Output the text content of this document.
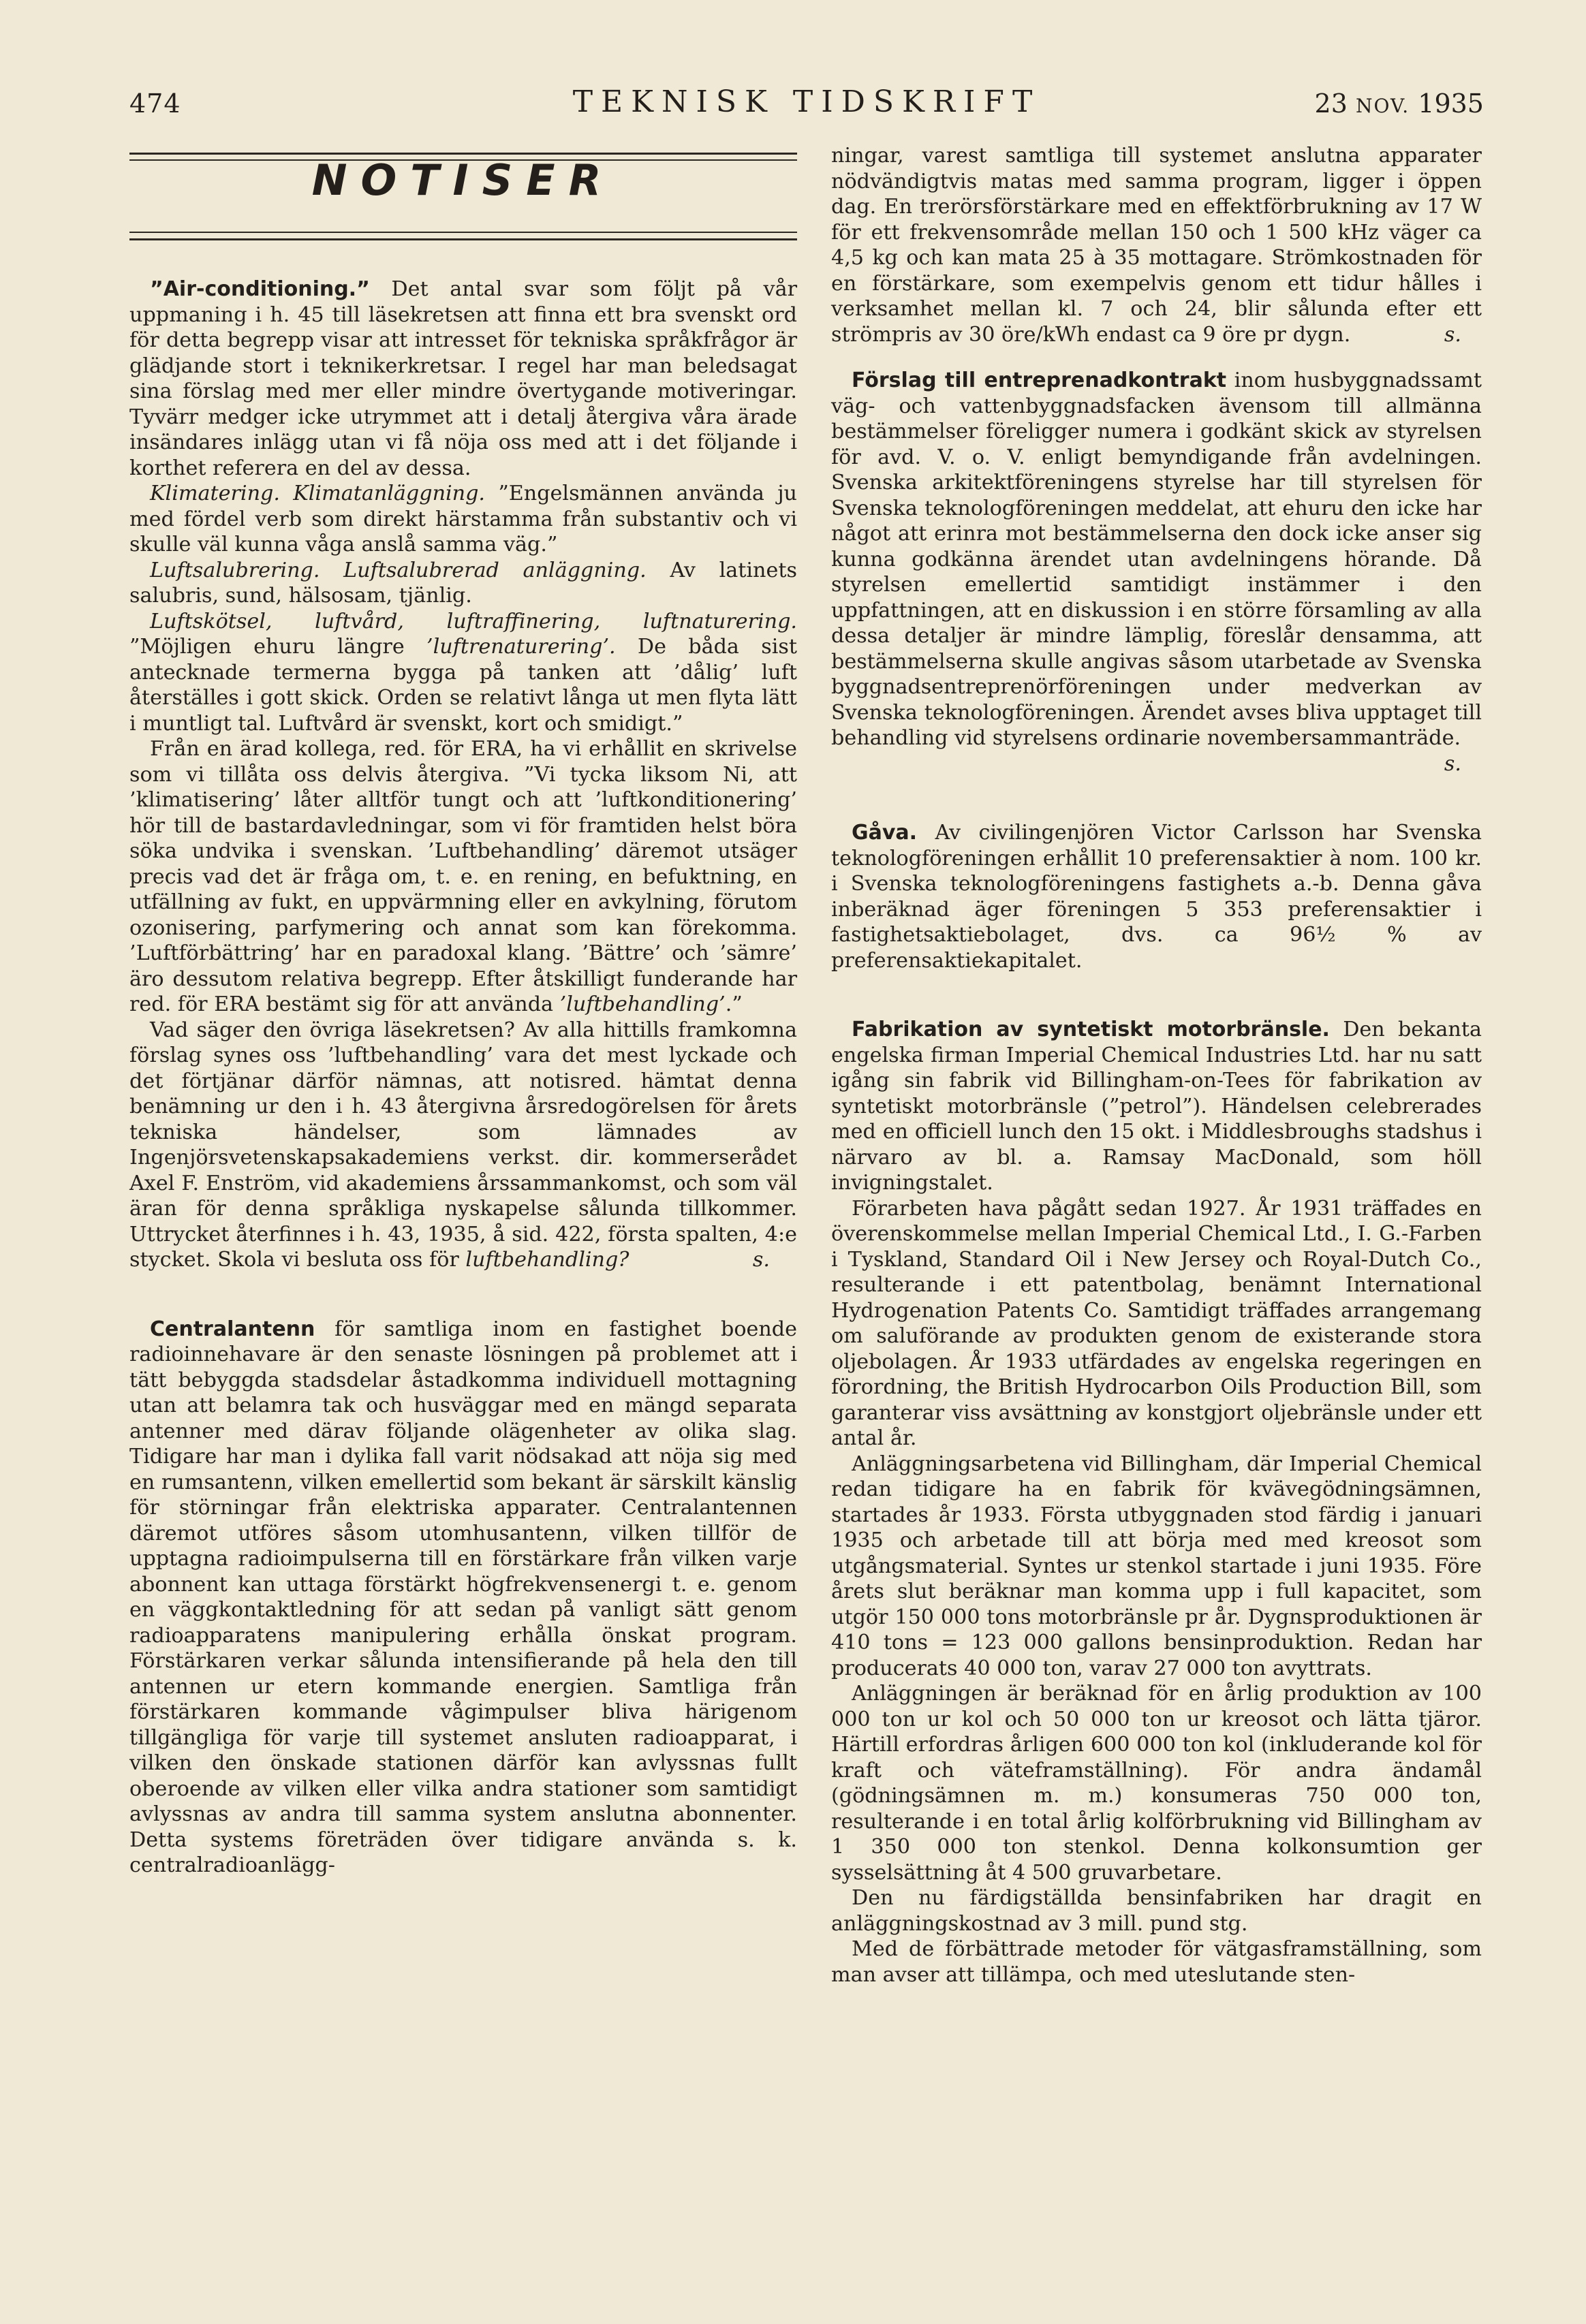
474	TEKNISK TIDSKRIFT	23 NOV. 1935
NOTISER

”Air-conditioning.” Det antal svar som följt på vår uppmaning i h. 45 till läsekretsen att finna ett bra svenskt ord för detta begrepp visar att intresset för tekniska språkfrågor är glädjande stort i teknikerkretsar. I regel har man beledsagat sina förslag med mer eller mindre övertygande motiveringar. Tyvärr medger icke utrymmet att i detalj återgiva våra ärade insändares inlägg utan vi få nöja oss med att i det följande i korthet referera en del av dessa.

Klimatering. Klimatanläggning. ”Engelsmännen använda ju med fördel verb som direkt härstamma från substantiv och vi skulle väl kunna våga anslå samma väg.”

Luftsalubrering. Luftsalubrerad anläggning. Av latinets salubris, sund, hälsosam, tjänlig.

Luftskötsel, luftvård, luftraffinering, luftnaturering. ”Möjligen ehuru längre ’luftrenaturering’. De båda sist antecknade termerna bygga på tanken att ’dålig’ luft återställes i gott skick. Orden se relativt långa ut men flyta lätt i muntligt tal. Luftvård är svenskt, kort och smidigt.”

Från en ärad kollega, red. för ERA, ha vi erhållit en skrivelse som vi tillåta oss delvis återgiva. ”Vi tycka liksom Ni, att ’klimatisering’ låter alltför tungt och att ’luftkonditionering’ hör till de bastardavledningar, som vi för framtiden helst böra söka undvika i svenskan. ’Luftbehandling’ däremot utsäger precis vad det är fråga om, t. e. en rening, en befuktning, en utfällning av fukt, en uppvärmning eller en avkylning, förutom ozonisering, parfymering och annat som kan förekomma. ’Luftförbättring’ har en paradoxal klang. ’Bättre’ och ’sämre’ äro dessutom relativa begrepp. Efter åtskilligt funderande har red. för ERA bestämt sig för att använda ’luftbehandling’.”

Vad säger den övriga läsekretsen? Av alla hittills framkomna förslag synes oss ’luftbehandling’ vara det mest lyckade och det förtjänar därför nämnas, att notisred. hämtat denna benämning ur den i h. 43 återgivna årsredogörelsen för årets tekniska händelser, som lämnades av Ingenjörsvetenskapsakademiens verkst. dir. kommerserådet Axel F. Enström, vid akademiens årssammankomst, och som väl äran för denna språkliga nyskapelse sålunda tillkommer. Uttrycket återfinnes i h. 43, 1935, å sid. 422, första spalten, 4:e stycket. Skola vi besluta oss för luftbehandling?	s.

Centralantenn för samtliga inom en fastighet boende radioinnehavare är den senaste lösningen på problemet att i tätt bebyggda stadsdelar åstadkomma individuell mottagning utan att belamra tak och husväggar med en mängd separata antenner med därav följande olägenheter av olika slag. Tidigare har man i dylika fall varit nödsakad att nöja sig med en rumsantenn, vilken emellertid som bekant är särskilt känslig för störningar från elektriska apparater. Centralantennen däremot utföres såsom utomhusantenn, vilken tillför de upptagna radioimpulserna till en förstärkare från vilken varje abonnent kan uttaga förstärkt högfrekvensenergi t. e. genom en väggkontaktledning för att sedan på vanligt sätt genom radioapparatens manipulering erhålla önskat program. Förstärkaren verkar sålunda intensifierande på hela den till antennen ur etern kommande energien. Samtliga från förstärkaren kommande vågimpulser bliva härigenom tillgängliga för varje till systemet ansluten radioapparat, i vilken den önskade stationen därför kan avlyssnas fullt oberoende av vilken eller vilka andra stationer som samtidigt avlyssnas av andra till samma system anslutna abonnenter. Detta systems företräden över tidigare använda s. k. centralradioanlägg-

ningar, varest samtliga till systemet anslutna apparater nödvändigtvis matas med samma program, ligger i öppen dag. En trerörsförstärkare med en effektförbrukning av 17 W för ett frekvensområde mellan 150 och 1 500 kHz väger ca 4,5 kg och kan mata 25 à 35 mottagare. Strömkostnaden för en förstärkare, som exempelvis genom ett tidur hålles i verksamhet mellan kl. 7 och 24, blir sålunda efter ett strömpris av 30 öre/kWh endast ca 9 öre pr dygn.	s.

Förslag till entreprenadkontrakt inom husbyggnadssamt väg- och vattenbyggnadsfacken ävensom till allmänna bestämmelser föreligger numera i godkänt skick av styrelsen för avd. V. o. V. enligt bemyndigande från avdelningen. Svenska arkitektföreningens styrelse har till styrelsen för Svenska teknologföreningen meddelat, att ehuru den icke har något att erinra mot bestämmelserna den dock icke anser sig kunna godkänna ärendet utan avdelningens hörande. Då styrelsen emellertid samtidigt instämmer i den uppfattningen, att en diskussion i en större församling av alla dessa detaljer är mindre lämplig, föreslår densamma, att bestämmelserna skulle angivas såsom utarbetade av Svenska byggnadsentreprenörföreningen under medverkan av Svenska teknologföreningen. Ärendet avses bliva upptaget till behandling vid styrelsens ordinarie novembersammanträde.

s.

Gåva. Av civilingenjören Victor Carlsson har Svenska teknologföreningen erhållit 10 preferensaktier à nom. 100 kr. i Svenska teknologföreningens fastighets a.-b. Denna gåva inberäknad äger föreningen 5 353 preferensaktier i fastighetsaktiebolaget, dvs. ca 96½ % av preferensaktiekapitalet.

Fabrikation av syntetiskt motorbränsle. Den bekanta engelska firman Imperial Chemical Industries Ltd. har nu satt igång sin fabrik vid Billingham-on-Tees för fabrikation av syntetiskt motorbränsle (”petrol”). Händelsen celebrerades med en officiell lunch den 15 okt. i Middlesbroughs stadshus i närvaro av bl. a. Ramsay MacDonald, som höll invigningstalet.

Förarbeten hava pågått sedan 1927. År 1931 träffades en överenskommelse mellan Imperial Chemical Ltd., I. G.-Farben i Tyskland, Standard Oil i New Jersey och Royal-Dutch Co., resulterande i ett patentbolag, benämnt International Hydrogenation Patents Co. Samtidigt träffades arrangemang om saluförande av produkten genom de existerande stora oljebolagen. År 1933 utfärdades av engelska regeringen en förordning, the British Hydrocarbon Oils Production Bill, som garanterar viss avsättning av konstgjort oljebränsle under ett antal år.

Anläggningsarbetena vid Billingham, där Imperial Chemical redan tidigare ha en fabrik för kvävegödningsämnen, startades år 1933. Första utbyggnaden stod färdig i januari 1935 och arbetade till att börja med med kreosot som utgångsmaterial. Syntes ur stenkol startade i juni 1935. Före årets slut beräknar man komma upp i full kapacitet, som utgör 150 000 tons motorbränsle pr år. Dygnsproduktionen är 410 tons = 123 000 gallons bensinproduktion. Redan har producerats 40 000 ton, varav 27 000 ton avyttrats.

Anläggningen är beräknad för en årlig produktion av 100 000 ton ur kol och 50 000 ton ur kreosot och lätta tjäror. Härtill erfordras årligen 600 000 ton kol (inkluderande kol för kraft och väteframställning). För andra ändamål (gödningsämnen m. m.) konsumeras 750 000 ton, resulterande i en total årlig kolförbrukning vid Billingham av 1 350 000 ton stenkol. Denna kolkonsumtion ger sysselsättning åt 4 500 gruvarbetare.

Den nu färdigställda bensinfabriken har dragit en anläggningskostnad av 3 mill. pund stg.

Med de förbättrade metoder för vätgasframställning, som man avser att tillämpa, och med uteslutande sten-
